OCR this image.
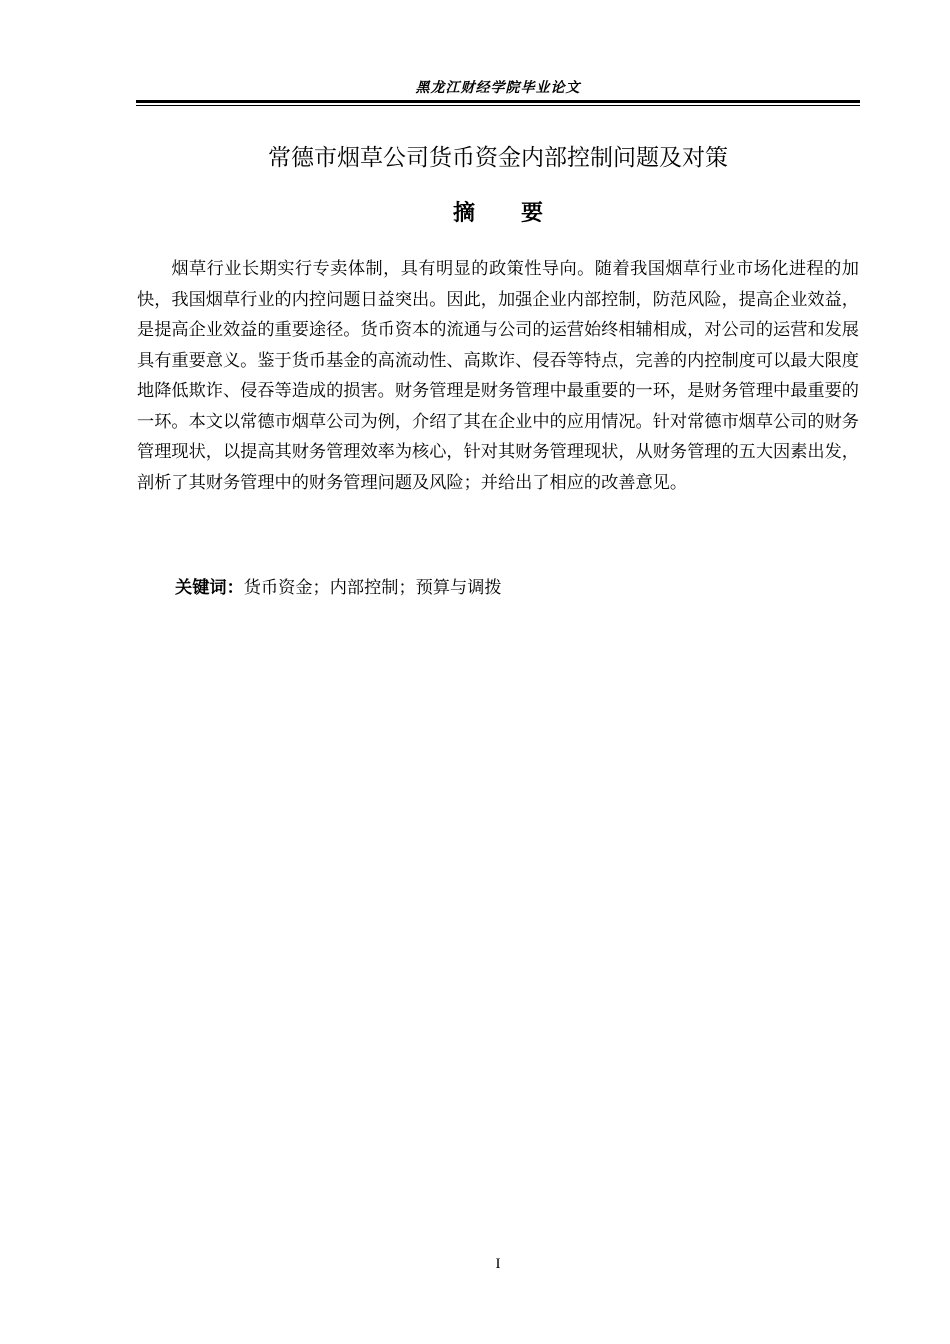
黑龙江财经学院毕业论文
常德市烟草公司货币资金内部控制问题及对策
摘要

烟草行业长期实行专卖体制，具有明显的政策性导向。随着我国烟草行业市场化进程的加快，我国烟草行业的内控问题日益突出。因此，加强企业内部控制，防范风险，提高企业效益，是提高企业效益的重要途径。货币资本的流通与公司的运营始终相辅相成，对公司的运营和发展具有重要意义。鉴于货币基金的高流动性、高欺诈、侵吞等特点，完善的内控制度可以最大限度地降低欺诈、侵吞等造成的损害。财务管理是财务管理中最重要的一环，是财务管理中最重要的一环。本文以常德市烟草公司为例，介绍了其在企业中的应用情况。针对常德市烟草公司的财务管理现状，以提高其财务管理效率为核心，针对其财务管理现状，从财务管理的五大因素出发，剖析了其财务管理中的财务管理问题及风险；并给出了相应的改善意见。

关键词：货币资金；内部控制；预算与调拨
I
